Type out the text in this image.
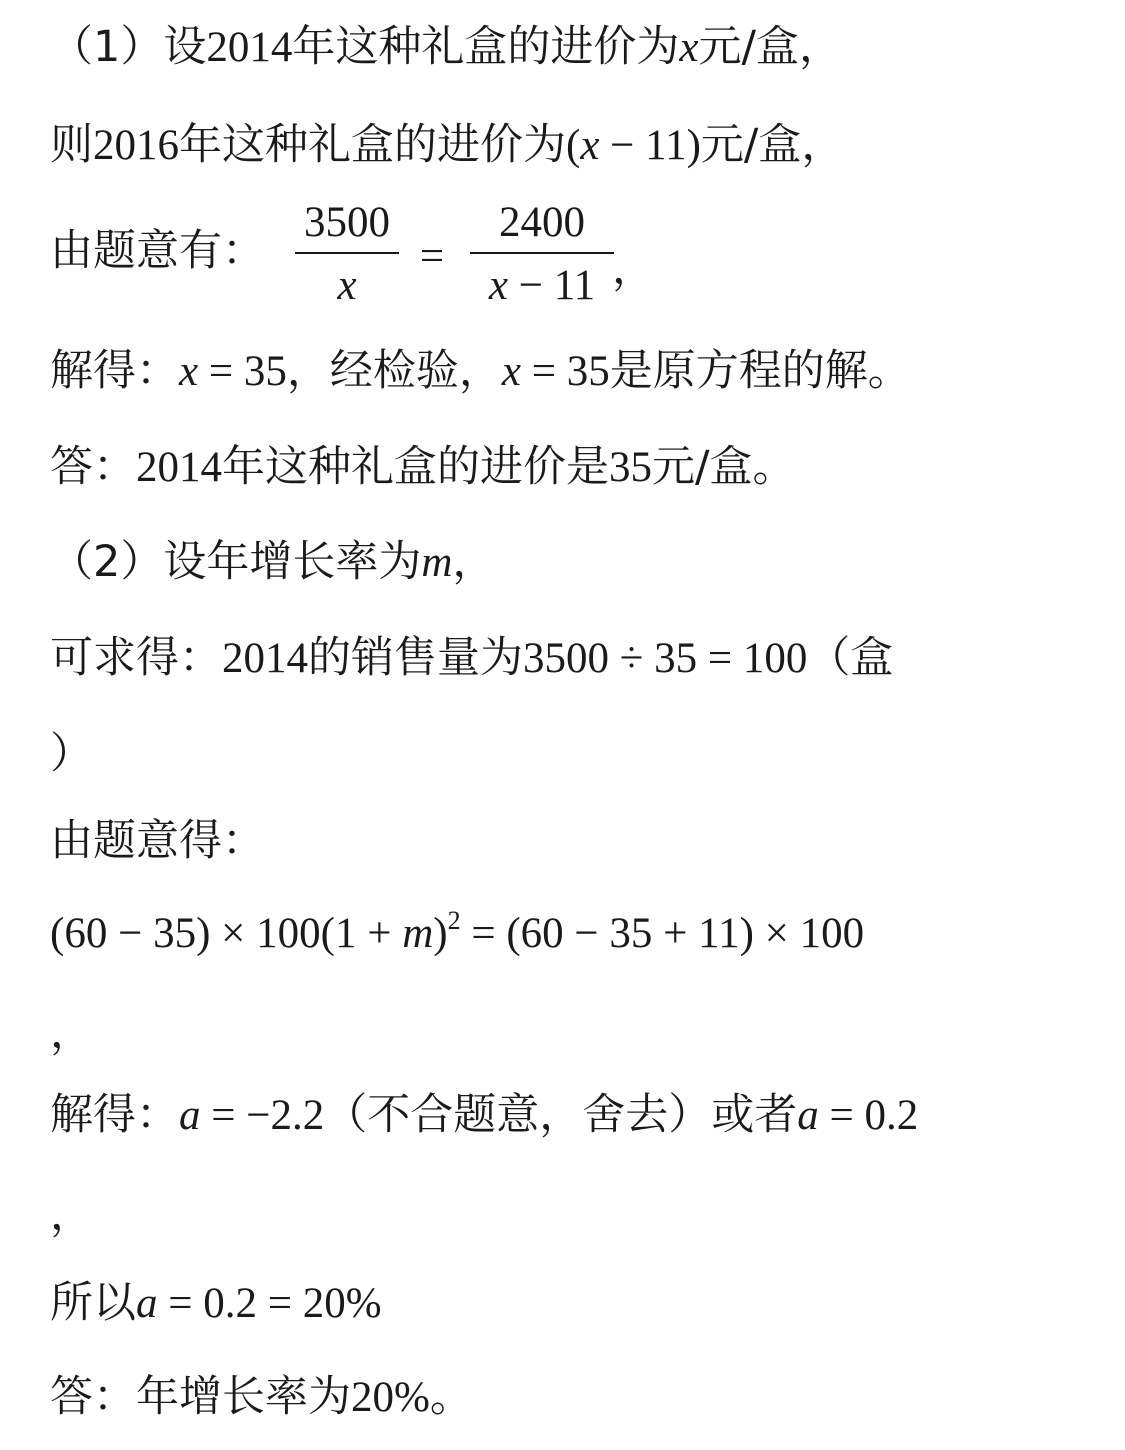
（1）设2014年这种礼盒的进价为x元/盒，
则2016年这种礼盒的进价为(x − 11)元/盒，
由题意有：
3500
x
=
2400
x − 11 ，
解得：x = 35，经检验，x = 35是原方程的解。
答：2014年这种礼盒的进价是35元/盒。
（2）设年增长率为m，
可求得：2014的销售量为3500 ÷ 35 = 100（盒
）
由题意得：
$(60 - 35) \times 100(1 + m)^2 = (60 - 35 + 11) \times 100$
，
解得：a = −2.2（不合题意，舍去）或者a = 0.2
，
所以a = 0.2 = 20%
答：年增长率为20%。
